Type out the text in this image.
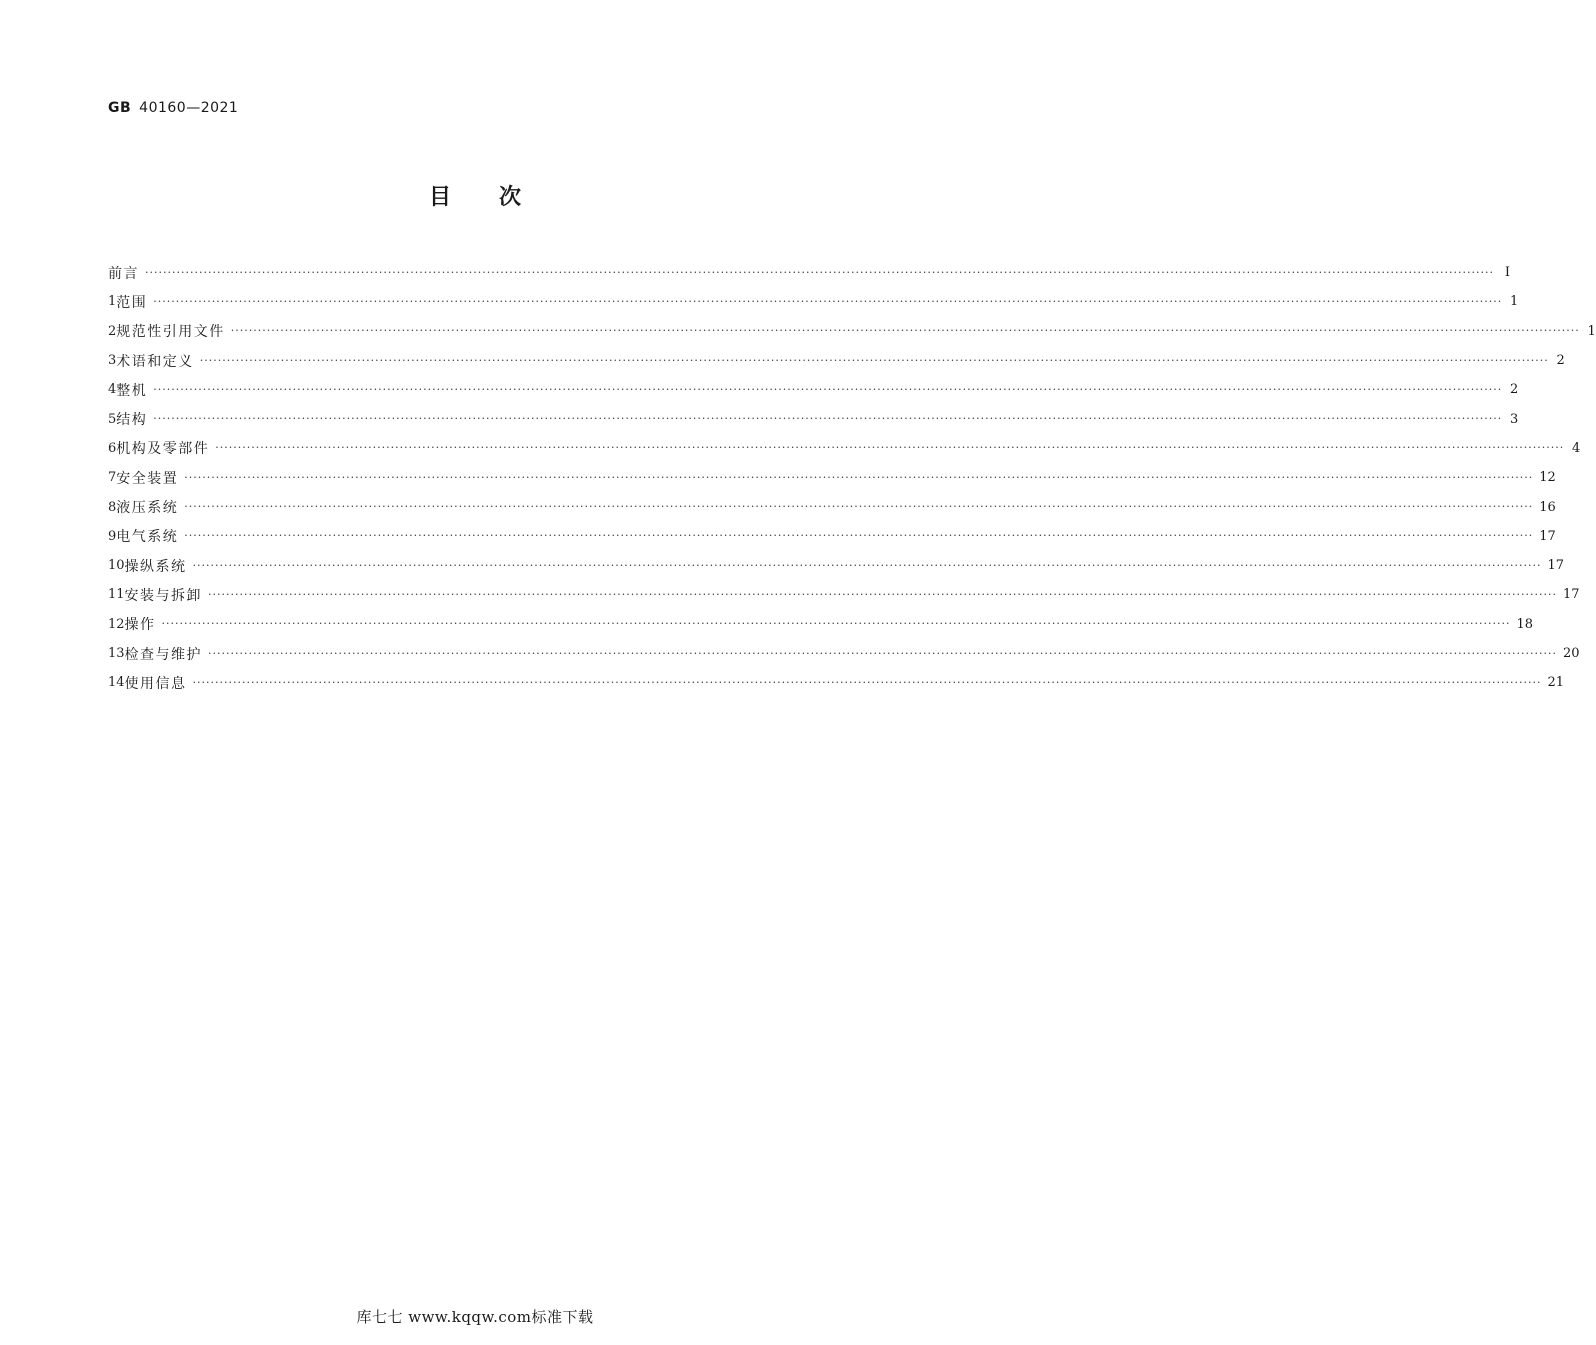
GB 40160—2021
目次
前言 ············································································································································································································································································································ Ⅰ
1 范围 ············································································································································································································································································································ 1
2 规范性引用文件 ············································································································································································································································································································ 1
3 术语和定义 ············································································································································································································································································································ 2
4 整机 ············································································································································································································································································································ 2
5 结构 ············································································································································································································································································································ 3
6 机构及零部件 ············································································································································································································································································································ 4
7 安全装置 ············································································································································································································································································································ 12
8 液压系统 ············································································································································································································································································································ 16
9 电气系统 ············································································································································································································································································································ 17
10 操纵系统 ············································································································································································································································································································ 17
11 安装与拆卸 ············································································································································································································································································································ 17
12 操作 ············································································································································································································································································································ 18
13 检查与维护 ············································································································································································································································································································ 20
14 使用信息 ············································································································································································································································································································ 21
库七七 www.kqqw.com标准下载
